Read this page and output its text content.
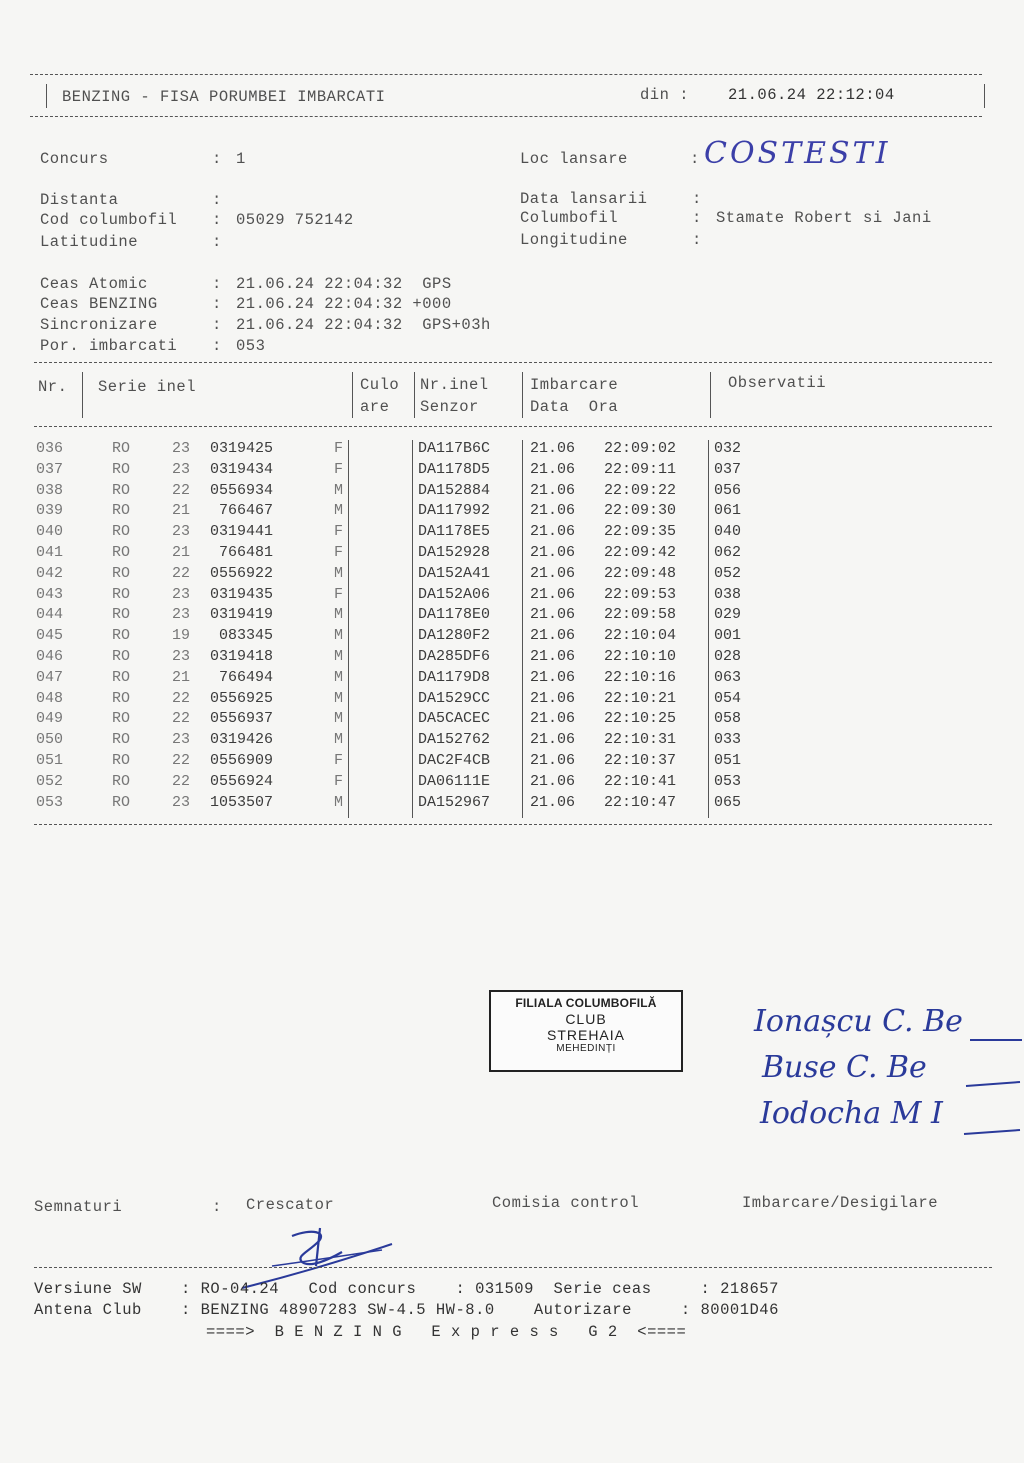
BENZING - FISA PORUMBEI IMBARCATI	din :	21.06.24 22:12:04
Concurs	: 1
Distanta	:
Cod columbofil : 05029 752142
Latitudine	:
Loc lansare	: COSTESTI
Data lansarii	:
Columbofil	: Stamate Robert si Jani
Longitudine	:
Ceas Atomic	: 21.06.24 22:04:32  GPS
Ceas BENZING	: 21.06.24 22:04:32 +000
Sincronizare	: 21.06.24 22:04:32  GPS+03h
Por. imbarcati : 053
Nr. Serie inel	Culo
are
Nr.inel
Senzor
Imbarcare
Data  Ora
Observatii
036	RO	23 0319425	F	DA117B6C	21.06 22:09:02	032
037	RO	23 0319434	F	DA1178D5	21.06 22:09:11	037
038	RO	22 0556934	M	DA152884	21.06 22:09:22	056
039	RO	21 766467	M	DA117992	21.06 22:09:30	061
040	RO	23 0319441	F	DA1178E5	21.06 22:09:35	040
041	RO	21 766481	F	DA152928	21.06 22:09:42	062
042	RO	22 0556922	M	DA152A41	21.06 22:09:48	052
043	RO	23 0319435	F	DA152A06	21.06 22:09:53	038
044	RO	23 0319419	M	DA1178E0	21.06 22:09:58	029
045	RO	19 083345	M	DA1280F2	21.06 22:10:04	001
046	RO	23 0319418	M	DA285DF6	21.06 22:10:10	028
047	RO	21 766494	M	DA1179D8	21.06 22:10:16	063
048	RO	22 0556925	M	DA1529CC	21.06 22:10:21	054
049	RO	22 0556937	M	DA5CACEC	21.06 22:10:25	058
050	RO	23 0319426	M	DA152762	21.06 22:10:31	033
051	RO	22 0556909	F	DAC2F4CB	21.06 22:10:37	051
052	RO	22 0556924	F	DA06111E	21.06 22:10:41	053
053	RO	23 1053507	M	DA152967	21.06 22:10:47	065
FILIALA COLUMBOFILĂ
CLUB
STREHAIA
MEHEDINȚI
Ionașcu C. Be
Buse C. Be
Iodocha M I
Semnaturi	: Crescator	Comisia control	Imbarcare/Desigilare
Versiune SW    : RO-04.24   Cod concurs    : 031509  Serie ceas     : 218657
Antena Club    : BENZING 48907283 SW-4.5 HW-8.0    Autorizare     : 80001D46
====>  B E N Z I N G   E x p r e s s   G 2  <====
